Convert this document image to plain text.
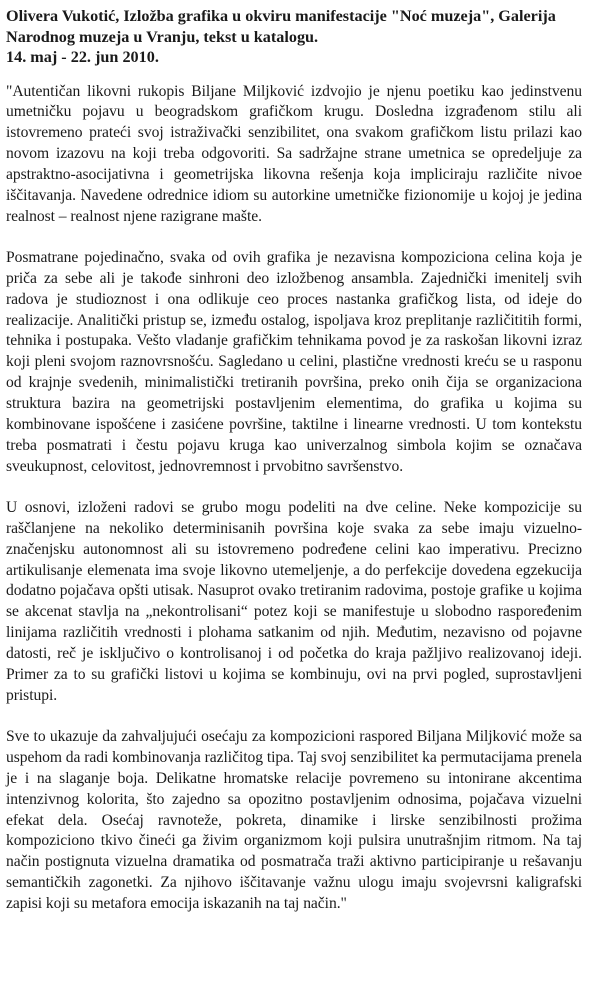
Olivera Vukotić, Izložba grafika u okviru manifestacije "Noć muzeja", Galerija
Narodnog muzeja u Vranju, tekst u katalogu.
14. maj - 22. jun 2010.

"Autentičan likovni rukopis Biljane Miljković izdvojio je njenu poetiku kao jedinstvenu umetničku pojavu u beogradskom grafičkom krugu. Dosledna izgrađenom stilu ali istovremeno prateći svoj istraživački senzibilitet, ona svakom grafičkom listu prilazi kao novom izazovu na koji treba odgovoriti. Sa sadržajne strane umetnica se opredeljuje za apstraktno-asocijativna i geometrijska likovna rešenja koja impliciraju različite nivoe iščitavanja. Navedene odrednice idiom su autorkine umetničke fizionomije u kojoj je jedina realnost – realnost njene razigrane mašte.

Posmatrane pojedinačno, svaka od ovih grafika je nezavisna kompoziciona celina koja je priča za sebe ali je takođe sinhroni deo izložbenog ansambla. Zajednički imenitelj svih radova je studioznost i ona odlikuje ceo proces nastanka grafičkog lista, od ideje do realizacije. Analitički pristup se, između ostalog, ispoljava kroz preplitanje različititih formi, tehnika i postupaka. Vešto vladanje grafičkim tehnikama povod je za raskošan likovni izraz koji pleni svojom raznovrsnošću. Sagledano u celini, plastične vrednosti kreću se u rasponu od krajnje svedenih, minimalistički tretiranih površina, preko onih čija se organizaciona struktura bazira na geometrijski postavljenim elementima, do grafika u kojima su kombinovane ispošćene i zasićene površine, taktilne i linearne vrednosti. U tom kontekstu treba posmatrati i čestu pojavu kruga kao univerzalnog simbola kojim se označava sveukupnost, celovitost, jednovremnost i prvobitno savršenstvo.

U osnovi, izloženi radovi se grubo mogu podeliti na dve celine. Neke kompozicije su raščlanjene na nekoliko determinisanih površina koje svaka za sebe imaju vizuelno-značenjsku autonomnost ali su istovremeno podređene celini kao imperativu. Precizno artikulisanje elemenata ima svoje likovno utemeljenje, a do perfekcije dovedena egzekucija dodatno pojačava opšti utisak. Nasuprot ovako tretiranim radovima, postoje grafike u kojima se akcenat stavlja na „nekontrolisani“ potez koji se manifestuje u slobodno raspoređenim linijama različitih vrednosti i plohama satkanim od njih. Međutim, nezavisno od pojavne datosti, reč je isključivo o kontrolisanoj i od početka do kraja pažljivo realizovanoj ideji. Primer za to su grafički listovi u kojima se kombinuju, ovi na prvi pogled, suprostavljeni pristupi.

Sve to ukazuje da zahvaljujući osećaju za kompozicioni raspored Biljana Miljković može sa uspehom da radi kombinovanja različitog tipa. Taj svoj senzibilitet ka permutacijama prenela je i na slaganje boja. Delikatne hromatske relacije povremeno su intonirane akcentima intenzivnog kolorita, što zajedno sa opozitno postavljenim odnosima, pojačava vizuelni efekat dela. Osećaj ravnoteže, pokreta, dinamike i lirske senzibilnosti prožima kompoziciono tkivo čineći ga živim organizmom koji pulsira unutrašnjim ritmom. Na taj način postignuta vizuelna dramatika od posmatrača traži aktivno participiranje u rešavanju semantičkih zagonetki. Za njihovo iščitavanje važnu ulogu imaju svojevrsni kaligrafski zapisi koji su metafora emocija iskazanih na taj način."
